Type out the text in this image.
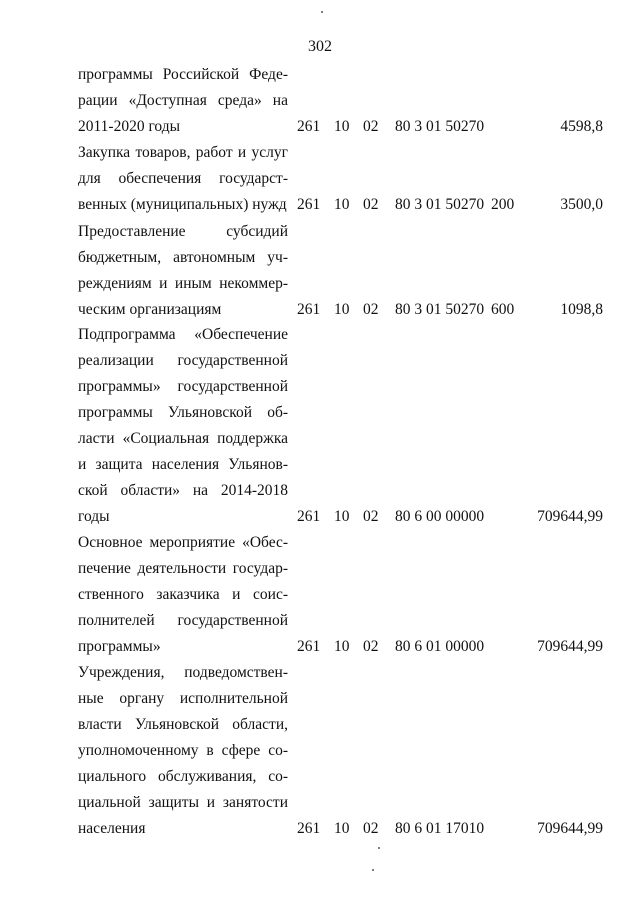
302
программы Российской Феде-
рации «Доступная среда» на
2011-2020 годы	261 10 02 80 3 01 50270	4598,8
Закупка товаров, работ и услуг
для обеспечения государст-
венных (муниципальных) нужд 261 10 02 80 3 01 50270 200	3500,0
Предоставление субсидий
бюджетным, автономным уч-
реждениям и иным некоммер-
ческим организациям	261 10 02 80 3 01 50270 600	1098,8
Подпрограмма «Обеспечение
реализации государственной
программы» государственной
программы Ульяновской об-
ласти «Социальная поддержка
и защита населения Ульянов-
ской области» на 2014-2018
годы	261 10 02 80 6 00 00000	709644,99
Основное мероприятие «Обес-
печение деятельности государ-
ственного заказчика и соис-
полнителей государственной
программы»	261 10 02 80 6 01 00000	709644,99
Учреждения, подведомствен-
ные органу исполнительной
власти Ульяновской области,
уполномоченному в сфере со-
циального обслуживания, со-
циальной защиты и занятости
населения	261 10 02 80 6 01 17010	709644,99
